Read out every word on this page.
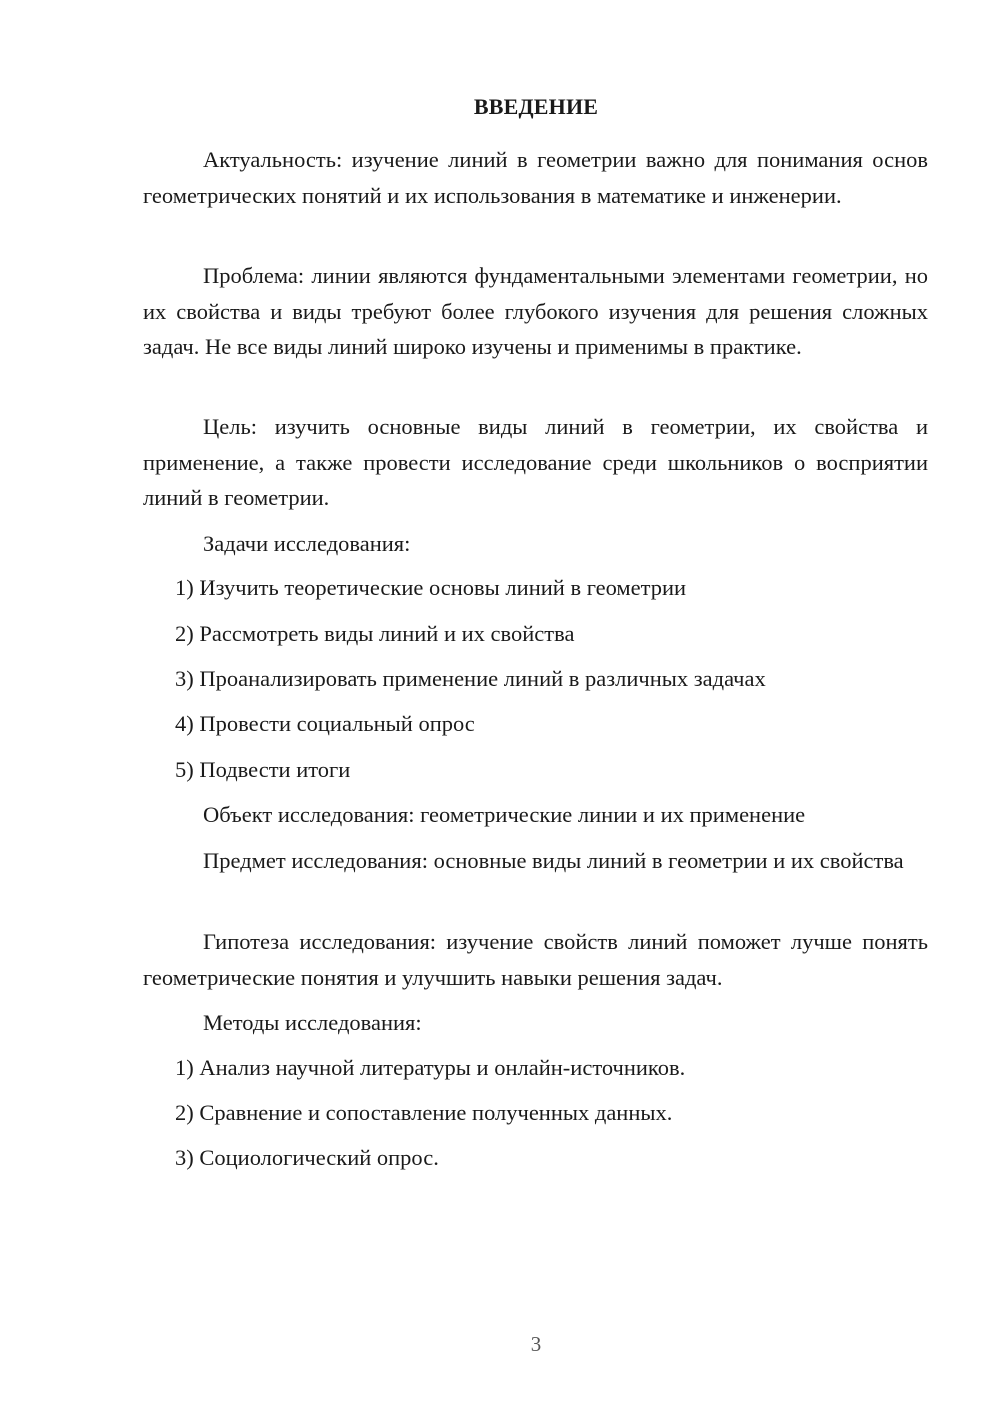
ВВЕДЕНИЕ

Актуальность: изучение линий в геометрии важно для понимания основ геометрических понятий и их использования в математике и инженерии.

Проблема: линии являются фундаментальными элементами геометрии, но их свойства и виды требуют более глубокого изучения для решения сложных задач. Не все виды линий широко изучены и применимы в практике.

Цель: изучить основные виды линий в геометрии, их свойства и применение, а также провести исследование среди школьников о восприятии линий в геометрии.

Задачи исследования:

1) Изучить теоретические основы линий в геометрии

2) Рассмотреть виды линий и их свойства

3) Проанализировать применение линий в различных задачах

4) Провести социальный опрос

5) Подвести итоги

Объект исследования: геометрические линии и их применение

Предмет исследования: основные виды линий в геометрии и их свойства

Гипотеза исследования: изучение свойств линий поможет лучше понять геометрические понятия и улучшить навыки решения задач.

Методы исследования:

1) Анализ научной литературы и онлайн-источников.

2) Сравнение и сопоставление полученных данных.

3) Социологический опрос.

3
